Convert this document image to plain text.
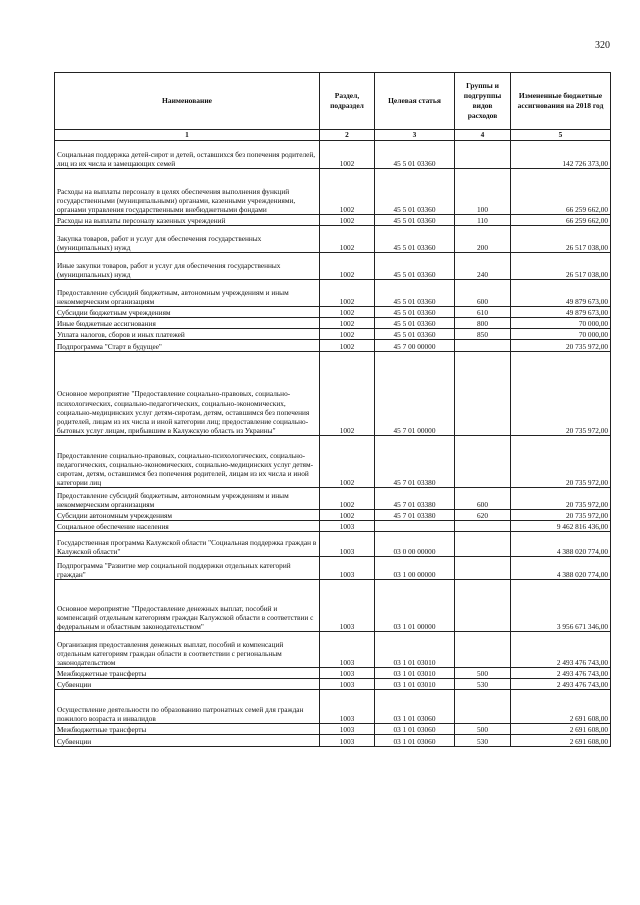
320
Наименование	Раздел, подраздел	Целевая статья	Группы и подгруппы видов расходов	Измененные бюджетные ассигнования на 2018 год
1	2	3	4	5
Социальная поддержка детей-сирот и детей, оставшихся без попечения родителей, лиц из их числа и замещающих семей	1002	45 5 01 03360		142 726 373,00
Расходы на выплаты персоналу в целях обеспечения выполнения функций государственными (муниципальными) органами, казенными учреждениями, органами управления государственными внебюджетными фондами	1002	45 5 01 03360	100	66 259 662,00
Расходы на выплаты персоналу казенных учреждений	1002	45 5 01 03360	110	66 259 662,00
Закупка товаров, работ и услуг для обеспечения государственных (муниципальных) нужд	1002	45 5 01 03360	200	26 517 038,00
Иные закупки товаров, работ и услуг для обеспечения государственных (муниципальных) нужд	1002	45 5 01 03360	240	26 517 038,00
Предоставление субсидий бюджетным, автономным учреждениям и иным некоммерческим организациям	1002	45 5 01 03360	600	49 879 673,00
Субсидии бюджетным учреждениям	1002	45 5 01 03360	610	49 879 673,00
Иные бюджетные ассигнования	1002	45 5 01 03360	800	70 000,00
Уплата налогов, сборов и иных платежей	1002	45 5 01 03360	850	70 000,00
Подпрограмма "Старт в будущее"	1002	45 7 00 00000		20 735 972,00
Основное мероприятие "Предоставление социально-правовых, социально-психологических, социально-педагогических, социально-экономических, социально-медицинских услуг детям-сиротам, детям, оставшимся без попечения родителей, лицам из их числа и иной категории лиц; предоставление социально-бытовых услуг лицам, прибывшим в Калужскую область из Украины"	1002	45 7 01 00000		20 735 972,00
Предоставление социально-правовых, социально-психологических, социально-педагогических, социально-экономических, социально-медицинских услуг детям-сиротам, детям, оставшимся без попечения родителей, лицам из их числа и иной категории лиц	1002	45 7 01 03380		20 735 972,00
Предоставление субсидий бюджетным, автономным учреждениям и иным некоммерческим организациям	1002	45 7 01 03380	600	20 735 972,00
Субсидии автономным учреждениям	1002	45 7 01 03380	620	20 735 972,00
Социальное обеспечение населения	1003			9 462 816 436,00
Государственная программа Калужской области "Социальная поддержка граждан в Калужской области"	1003	03 0 00 00000		4 388 020 774,00
Подпрограмма "Развитие мер социальной поддержки отдельных категорий граждан"	1003	03 1 00 00000		4 388 020 774,00
Основное мероприятие "Предоставление денежных выплат, пособий и компенсаций отдельным категориям граждан Калужской области в соответствии с федеральным и областным законодательством"	1003	03 1 01 00000		3 956 671 346,00
Организация предоставления денежных выплат, пособий и компенсаций отдельным категориям граждан области в соответствии с региональным законодательством	1003	03 1 01 03010		2 493 476 743,00
Межбюджетные трансферты	1003	03 1 01 03010	500	2 493 476 743,00
Субвенции	1003	03 1 01 03010	530	2 493 476 743,00
Осуществление деятельности по образованию патронатных семей для граждан пожилого возраста и инвалидов	1003	03 1 01 03060		2 691 608,00
Межбюджетные трансферты	1003	03 1 01 03060	500	2 691 608,00
Субвенции	1003	03 1 01 03060	530	2 691 608,00
